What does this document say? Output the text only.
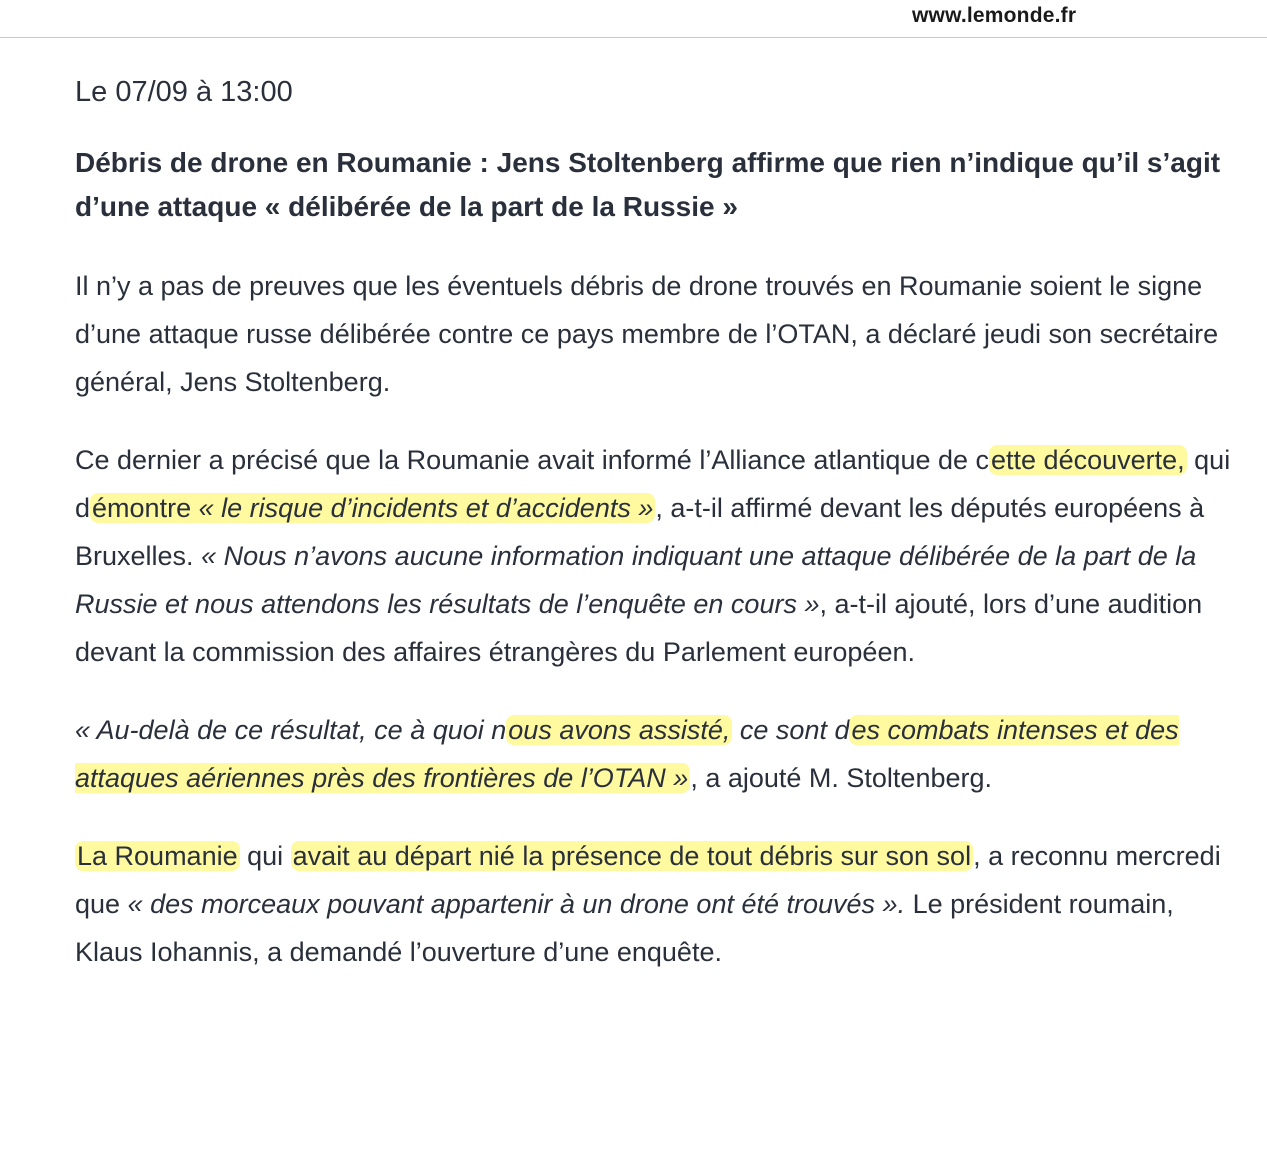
www.lemonde.fr
Le 07/09 à 13:00
Débris de drone en Roumanie : Jens Stoltenberg affirme que rien n’indique qu’il s’agit d’une attaque « délibérée de la part de la Russie »

Il n’y a pas de preuves que les éventuels débris de drone trouvés en Roumanie soient le signe d’une attaque russe délibérée contre ce pays membre de l’OTAN, a déclaré jeudi son secrétaire général, Jens Stoltenberg.

Ce dernier a précisé que la Roumanie avait informé l’Alliance atlantique de cette découverte, qui démontre « le risque d’incidents et d’accidents », a-t-il affirmé devant les députés européens à Bruxelles. « Nous n’avons aucune information indiquant une attaque délibérée de la part de la Russie et nous attendons les résultats de l’enquête en cours », a-t-il ajouté, lors d’une audition devant la commission des affaires étrangères du Parlement européen.

« Au-delà de ce résultat, ce à quoi nous avons assisté, ce sont des combats intenses et des attaques aériennes près des frontières de l’OTAN », a ajouté M. Stoltenberg.

La Roumanie qui avait au départ nié la présence de tout débris sur son sol, a reconnu mercredi que « des morceaux pouvant appartenir à un drone ont été trouvés ». Le président roumain, Klaus Iohannis, a demandé l’ouverture d’une enquête.
